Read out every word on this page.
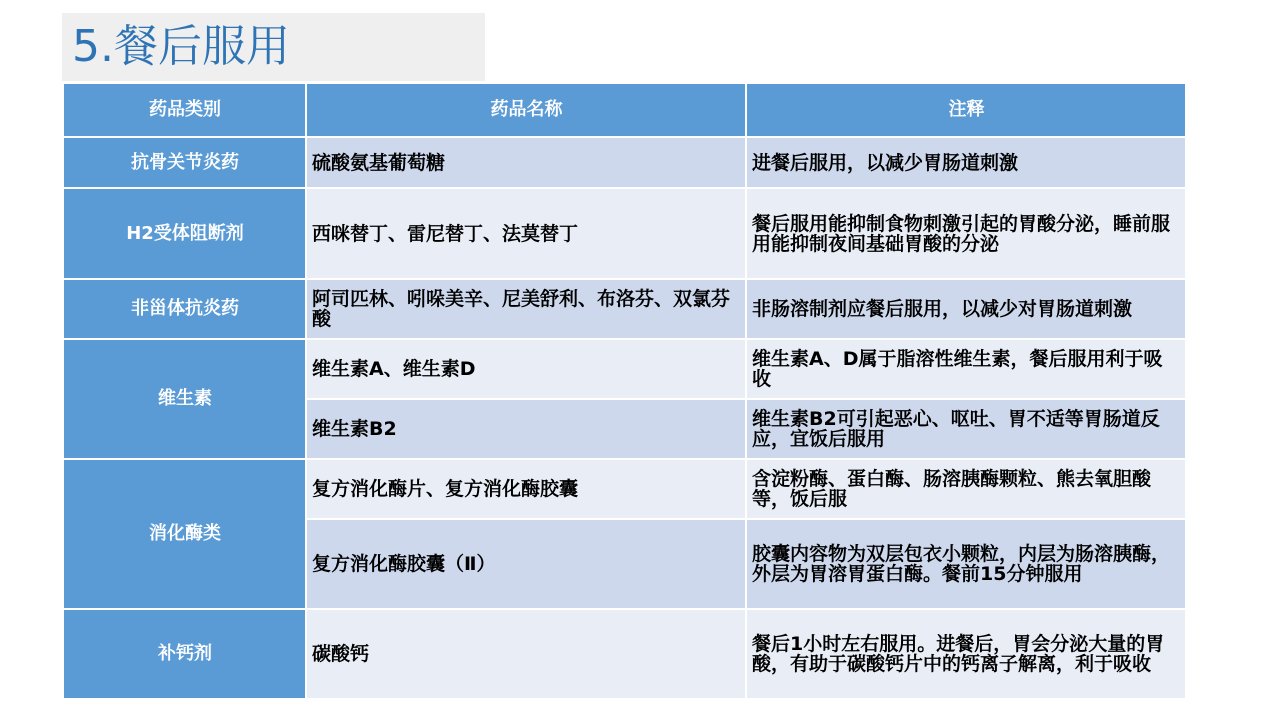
5.餐后服用
药品类别	药品名称	注释
抗骨关节炎药	硫酸氨基葡萄糖	进餐后服用，以减少胃肠道刺激
H2受体阻断剂	西咪替丁、雷尼替丁、法莫替丁	餐后服用能抑制食物刺激引起的胃酸分泌，睡前服用能抑制夜间基础胃酸的分泌
非甾体抗炎药	阿司匹林、吲哚美辛、尼美舒利、布洛芬、双氯芬酸	非肠溶制剂应餐后服用，以减少对胃肠道刺激
维生素	维生素A、维生素D	维生素A、D属于脂溶性维生素，餐后服用利于吸收
	维生素B2	维生素B2可引起恶心、呕吐、胃不适等胃肠道反应，宜饭后服用
消化酶类	复方消化酶片、复方消化酶胶囊	含淀粉酶、蛋白酶、肠溶胰酶颗粒、熊去氧胆酸等，饭后服
	复方消化酶胶囊（Ⅱ）	胶囊内容物为双层包衣小颗粒，内层为肠溶胰酶，外层为胃溶胃蛋白酶。餐前15分钟服用
补钙剂	碳酸钙	餐后1小时左右服用。进餐后，胃会分泌大量的胃酸，有助于碳酸钙片中的钙离子解离，利于吸收
